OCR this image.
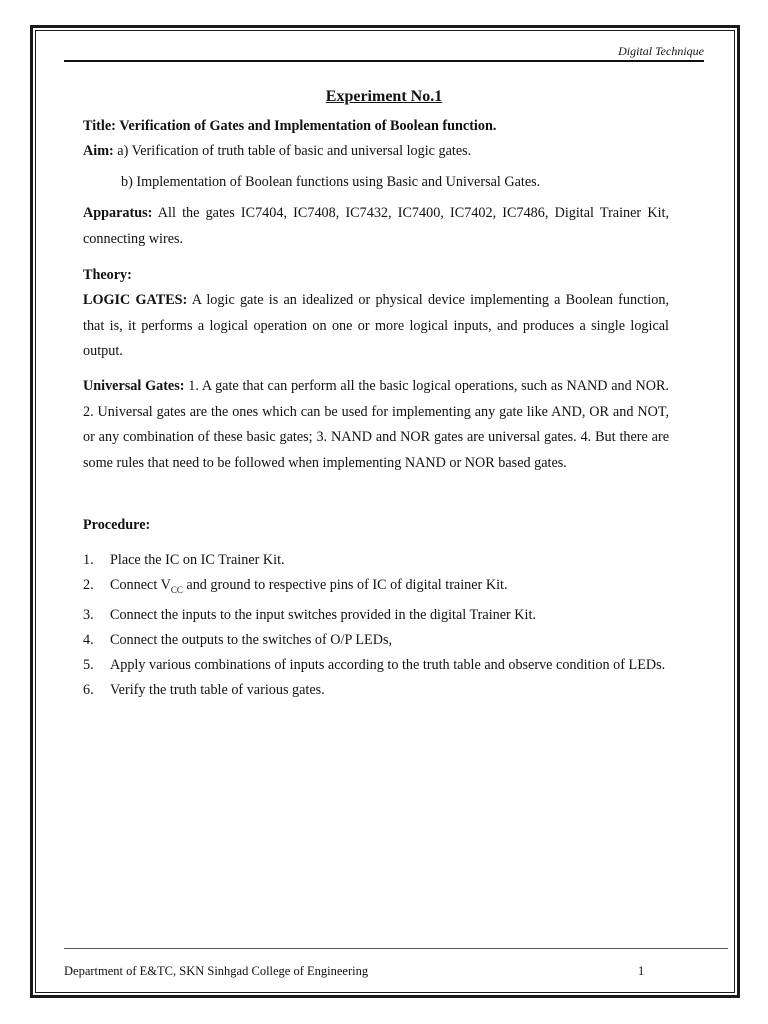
Digital Technique
Experiment No.1
Title: Verification of Gates and Implementation of Boolean function.
Aim: a) Verification of truth table of basic and universal logic gates.
b) Implementation of Boolean functions using Basic and Universal Gates.
Apparatus: All the gates IC7404, IC7408, IC7432, IC7400, IC7402, IC7486, Digital Trainer Kit, connecting wires.
Theory:
LOGIC GATES: A logic gate is an idealized or physical device implementing a Boolean function, that is, it performs a logical operation on one or more logical inputs, and produces a single logical output.
Universal Gates: 1. A gate that can perform all the basic logical operations, such as NAND and NOR. 2. Universal gates are the ones which can be used for implementing any gate like AND, OR and NOT, or any combination of these basic gates; 3. NAND and NOR gates are universal gates. 4. But there are some rules that need to be followed when implementing NAND or NOR based gates.
Procedure:
1. Place the IC on IC Trainer Kit.
2. Connect $V_{CC}$ and ground to respective pins of IC of digital trainer Kit.
3. Connect the inputs to the input switches provided in the digital Trainer Kit.
4. Connect the outputs to the switches of O/P LEDs,
5. Apply various combinations of inputs according to the truth table and observe condition of LEDs.
6. Verify the truth table of various gates.
Department of E&TC, SKN Sinhgad College of Engineering	1
